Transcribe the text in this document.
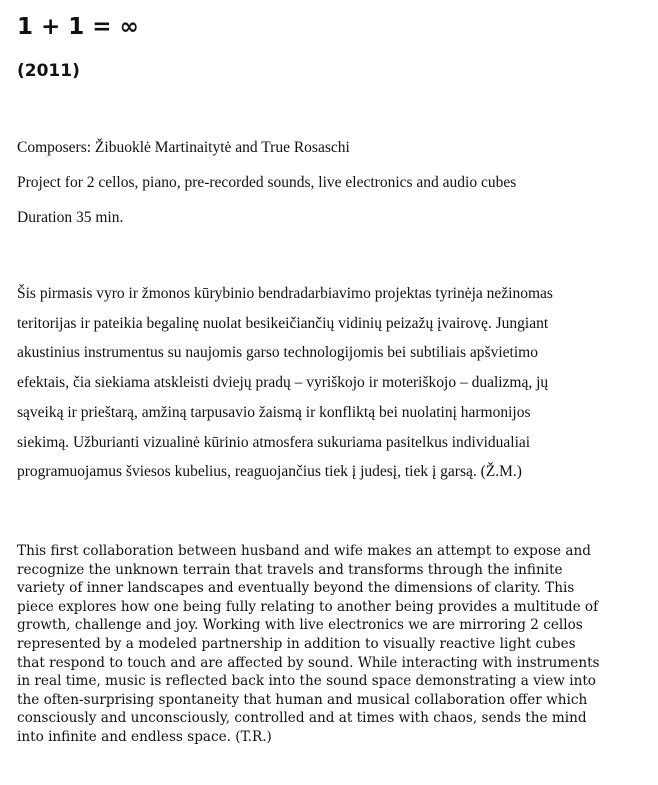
1 + 1 = ∞
(2011)
Composers: Žibuoklė Martinaitytė and True Rosaschi
Project for 2 cellos, piano, pre-recorded sounds, live electronics and audio cubes
Duration 35 min.
Šis pirmasis vyro ir žmonos kūrybinio bendradarbiavimo projektas tyrinėja nežinomas
teritorijas ir pateikia begalinę nuolat besikeičiančių vidinių peizažų įvairovę. Jungiant
akustinius instrumentus su naujomis garso technologijomis bei subtiliais apšvietimo
efektais, čia siekiama atskleisti dviejų pradų – vyriškojo ir moteriškojo – dualizmą, jų
sąveiką ir prieštarą, amžiną tarpusavio žaismą ir konfliktą bei nuolatinį harmonijos
siekimą. Užburianti vizualinė kūrinio atmosfera sukuriama pasitelkus individualiai
programuojamus šviesos kubelius, reaguojančius tiek į judesį, tiek į garsą. (Ž.M.)
This first collaboration between husband and wife makes an attempt to expose and
recognize the unknown terrain that travels and transforms through the infinite
variety of inner landscapes and eventually beyond the dimensions of clarity. This
piece explores how one being fully relating to another being provides a multitude of
growth, challenge and joy. Working with live electronics we are mirroring 2 cellos
represented by a modeled partnership in addition to visually reactive light cubes
that respond to touch and are affected by sound. While interacting with instruments
in real time, music is reflected back into the sound space demonstrating a view into
the often-surprising spontaneity that human and musical collaboration offer which
consciously and unconsciously, controlled and at times with chaos, sends the mind
into infinite and endless space. (T.R.)
